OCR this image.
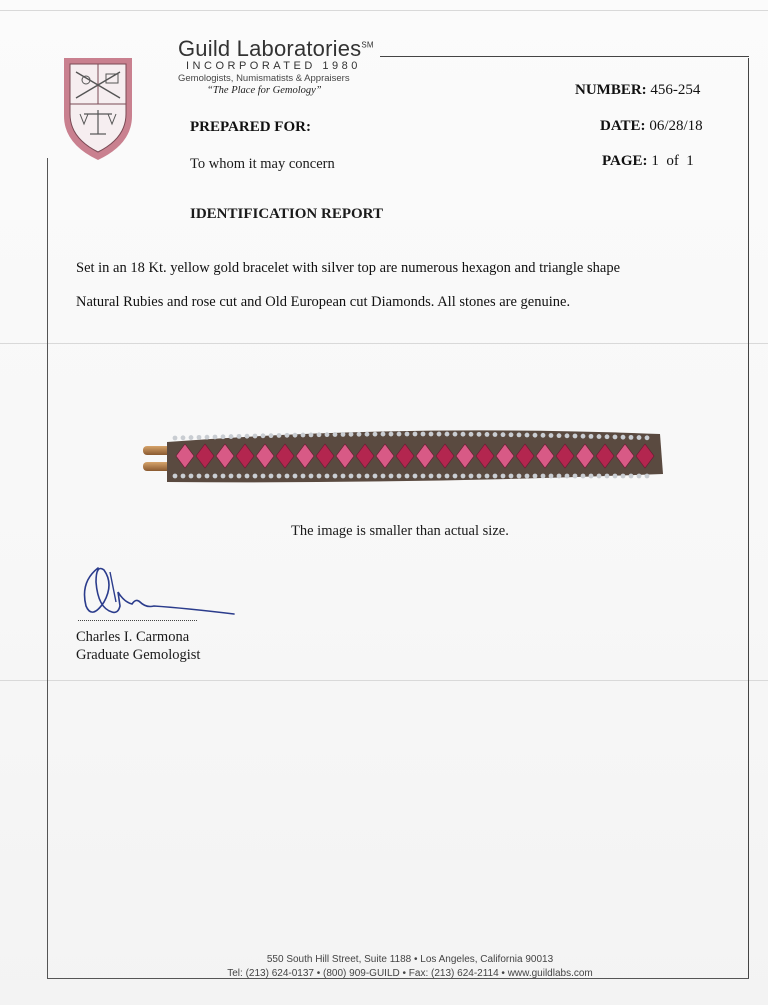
Guild Laboratories℠
INCORPORATED 1980
Gemologists, Numismatists & Appraisers
“The Place for Gemology”
PREPARED FOR:
To whom it may concern
NUMBER: 456-254
DATE: 06/28/18
PAGE: 1  of  1
IDENTIFICATION REPORT
Set in an 18 Kt. yellow gold bracelet with silver top are numerous hexagon and triangle shape
Natural Rubies and rose cut and Old European cut Diamonds. All stones are genuine.
The image is smaller than actual size.
Charles I. Carmona
Graduate Gemologist
550 South Hill Street, Suite 1188 • Los Angeles, California 90013
Tel: (213) 624-0137 • (800) 909-GUILD • Fax: (213) 624-2114 • www.guildlabs.com
